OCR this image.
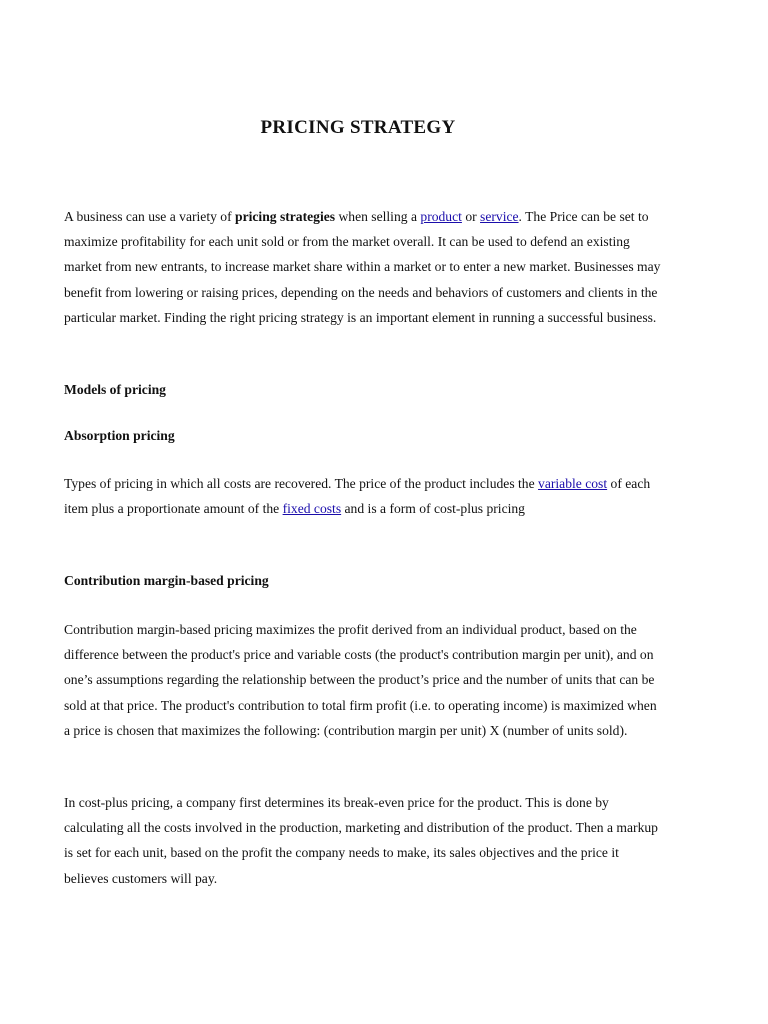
PRICING STRATEGY

A business can use a variety of pricing strategies when selling a product or service. The Price can be set to maximize profitability for each unit sold or from the market overall. It can be used to defend an existing market from new entrants, to increase market share within a market or to enter a new market. Businesses may benefit from lowering or raising prices, depending on the needs and behaviors of customers and clients in the particular market. Finding the right pricing strategy is an important element in running a successful business.

Models of pricing
Absorption pricing

Types of pricing in which all costs are recovered. The price of the product includes the variable cost of each item plus a proportionate amount of the fixed costs and is a form of cost-plus pricing

Contribution margin-based pricing

Contribution margin-based pricing maximizes the profit derived from an individual product, based on the difference between the product's price and variable costs (the product's contribution margin per unit), and on one’s assumptions regarding the relationship between the product’s price and the number of units that can be sold at that price. The product's contribution to total firm profit (i.e. to operating income) is maximized when a price is chosen that maximizes the following: (contribution margin per unit) X (number of units sold).

In cost-plus pricing, a company first determines its break-even price for the product. This is done by calculating all the costs involved in the production, marketing and distribution of the product. Then a markup is set for each unit, based on the profit the company needs to make, its sales objectives and the price it believes customers will pay.
